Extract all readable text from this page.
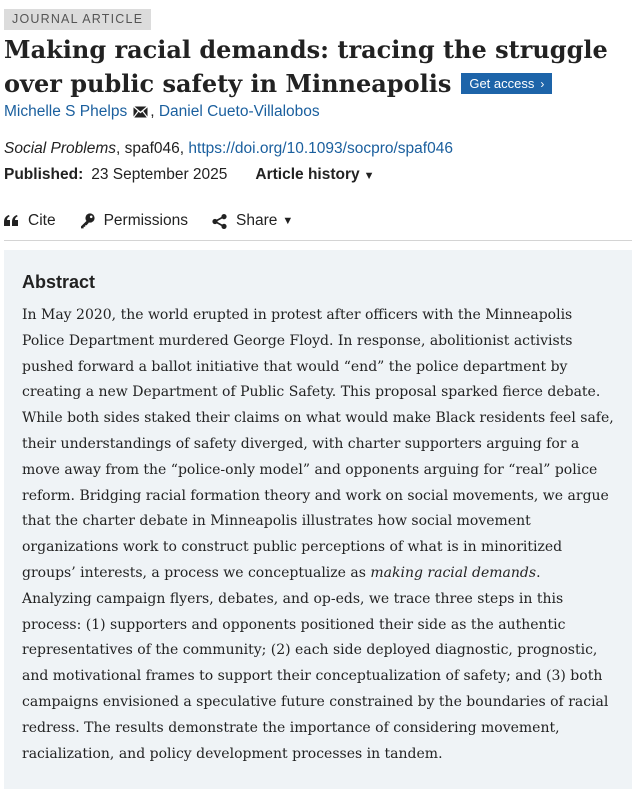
JOURNAL ARTICLE
Making racial demands: tracing the struggle over public safety in Minneapolis Get access ›
Michelle S Phelps , Daniel Cueto-Villalobos
Social Problems, spaf046, https://doi.org/10.1093/socpro/spaf046
Published: 23 September 2025 Article history ▼
Cite	Permissions	Share ▼
Abstract

In May 2020, the world erupted in protest after officers with the Minneapolis Police Department murdered George Floyd. In response, abolitionist activists pushed forward a ballot initiative that would “end” the police department by creating a new Department of Public Safety. This proposal sparked fierce debate. While both sides staked their claims on what would make Black residents feel safe, their understandings of safety diverged, with charter supporters arguing for a move away from the “police-only model” and opponents arguing for “real” police reform. Bridging racial formation theory and work on social movements, we argue that the charter debate in Minneapolis illustrates how social movement organizations work to construct public perceptions of what is in minoritized groups’ interests, a process we conceptualize as making racial demands. Analyzing campaign flyers, debates, and op-eds, we trace three steps in this process: (1) supporters and opponents positioned their side as the authentic representatives of the community; (2) each side deployed diagnostic, prognostic, and motivational frames to support their conceptualization of safety; and (3) both campaigns envisioned a speculative future constrained by the boundaries of racial redress. The results demonstrate the importance of considering movement, racialization, and policy development processes in tandem.
